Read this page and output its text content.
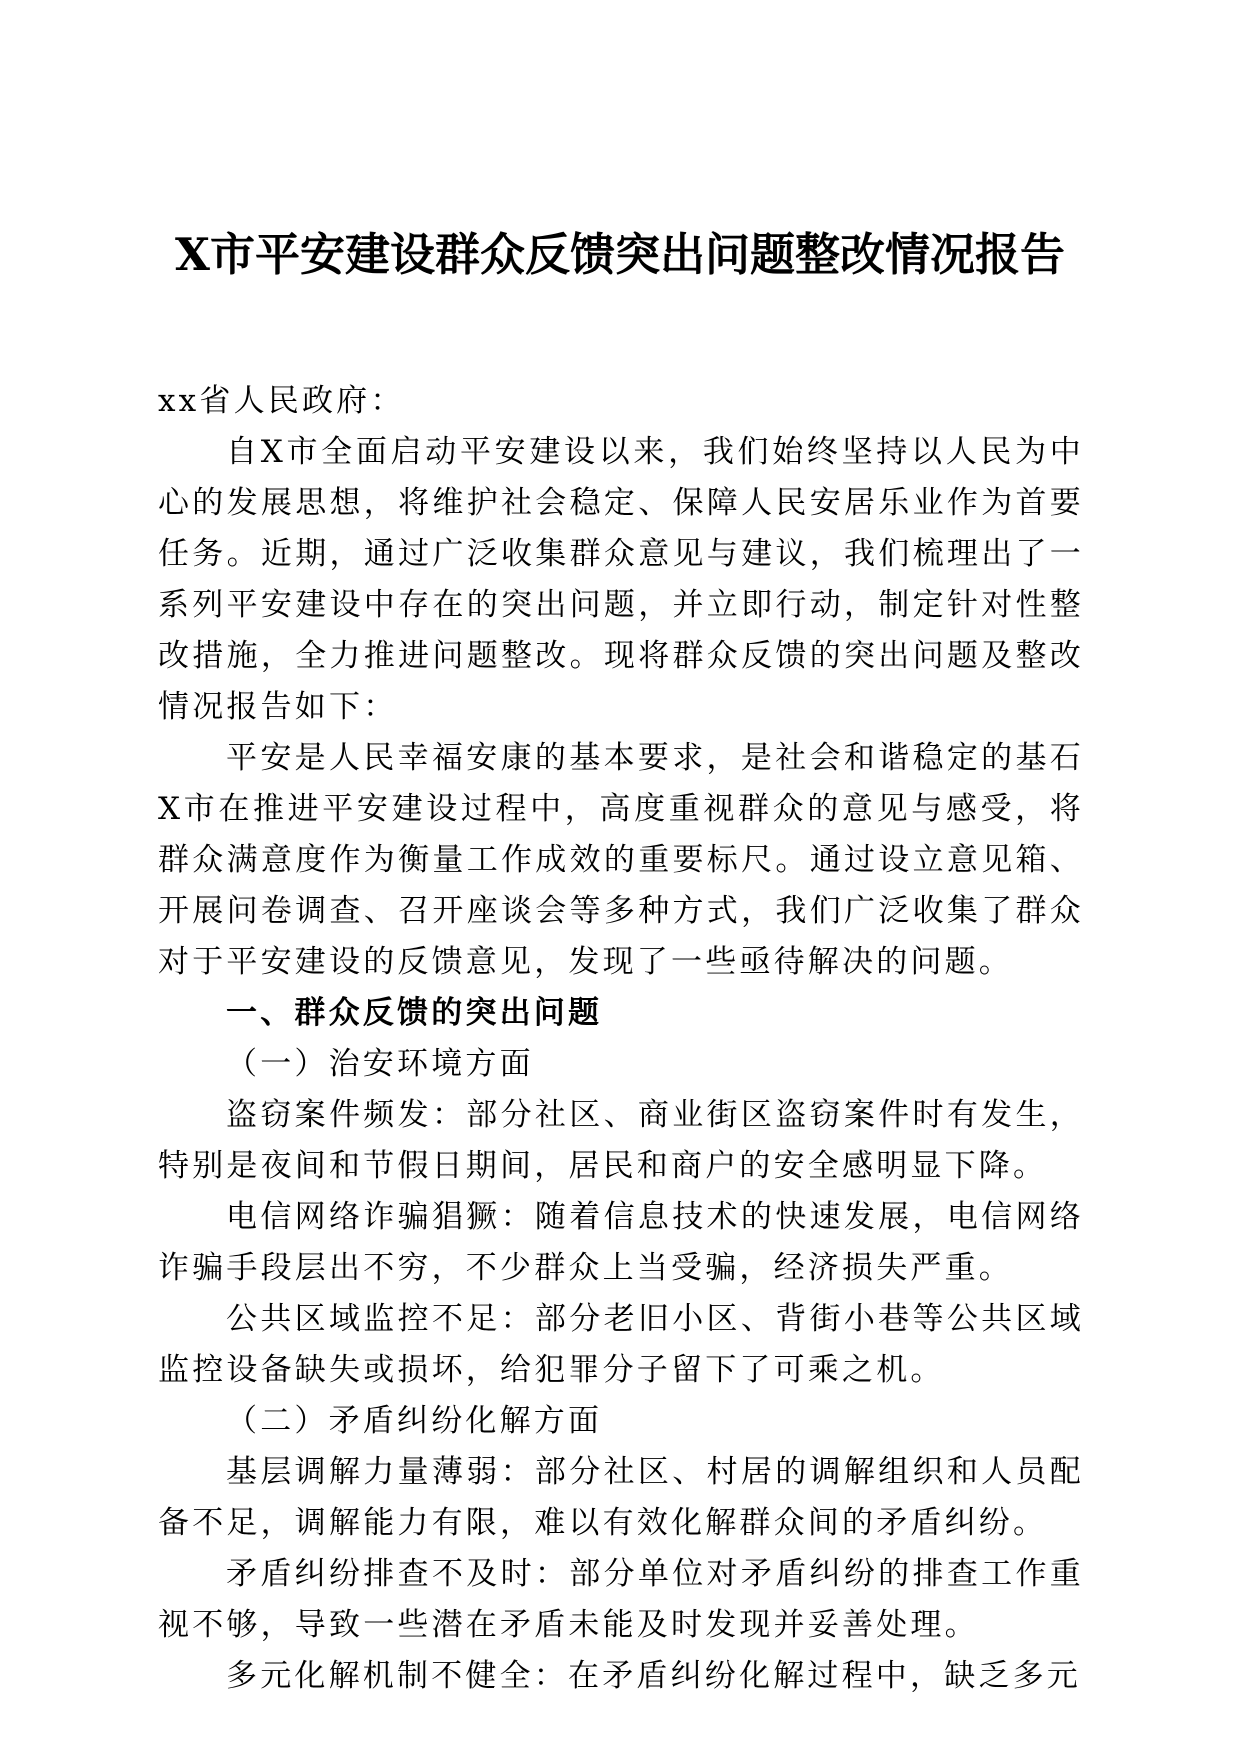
X市平安建设群众反馈突出问题整改情况报告

xx省人民政府：

自X市全面启动平安建设以来，我们始终坚持以人民为中心的发展思想，将维护社会稳定、保障人民安居乐业作为首要任务。近期，通过广泛收集群众意见与建议，我们梳理出了一系列平安建设中存在的突出问题，并立即行动，制定针对性整改措施，全力推进问题整改。现将群众反馈的突出问题及整改情况报告如下：

平安是人民幸福安康的基本要求，是社会和谐稳定的基石X市在推进平安建设过程中，高度重视群众的意见与感受，将群众满意度作为衡量工作成效的重要标尺。通过设立意见箱、开展问卷调查、召开座谈会等多种方式，我们广泛收集了群众对于平安建设的反馈意见，发现了一些亟待解决的问题。

一、群众反馈的突出问题

（一）治安环境方面

盗窃案件频发：部分社区、商业街区盗窃案件时有发生，特别是夜间和节假日期间，居民和商户的安全感明显下降。

电信网络诈骗猖獗：随着信息技术的快速发展，电信网络诈骗手段层出不穷，不少群众上当受骗，经济损失严重。

公共区域监控不足：部分老旧小区、背街小巷等公共区域监控设备缺失或损坏，给犯罪分子留下了可乘之机。

（二）矛盾纠纷化解方面

基层调解力量薄弱：部分社区、村居的调解组织和人员配备不足，调解能力有限，难以有效化解群众间的矛盾纠纷。

矛盾纠纷排查不及时：部分单位对矛盾纠纷的排查工作重视不够，导致一些潜在矛盾未能及时发现并妥善处理。

多元化解机制不健全：在矛盾纠纷化解过程中，缺乏多元
